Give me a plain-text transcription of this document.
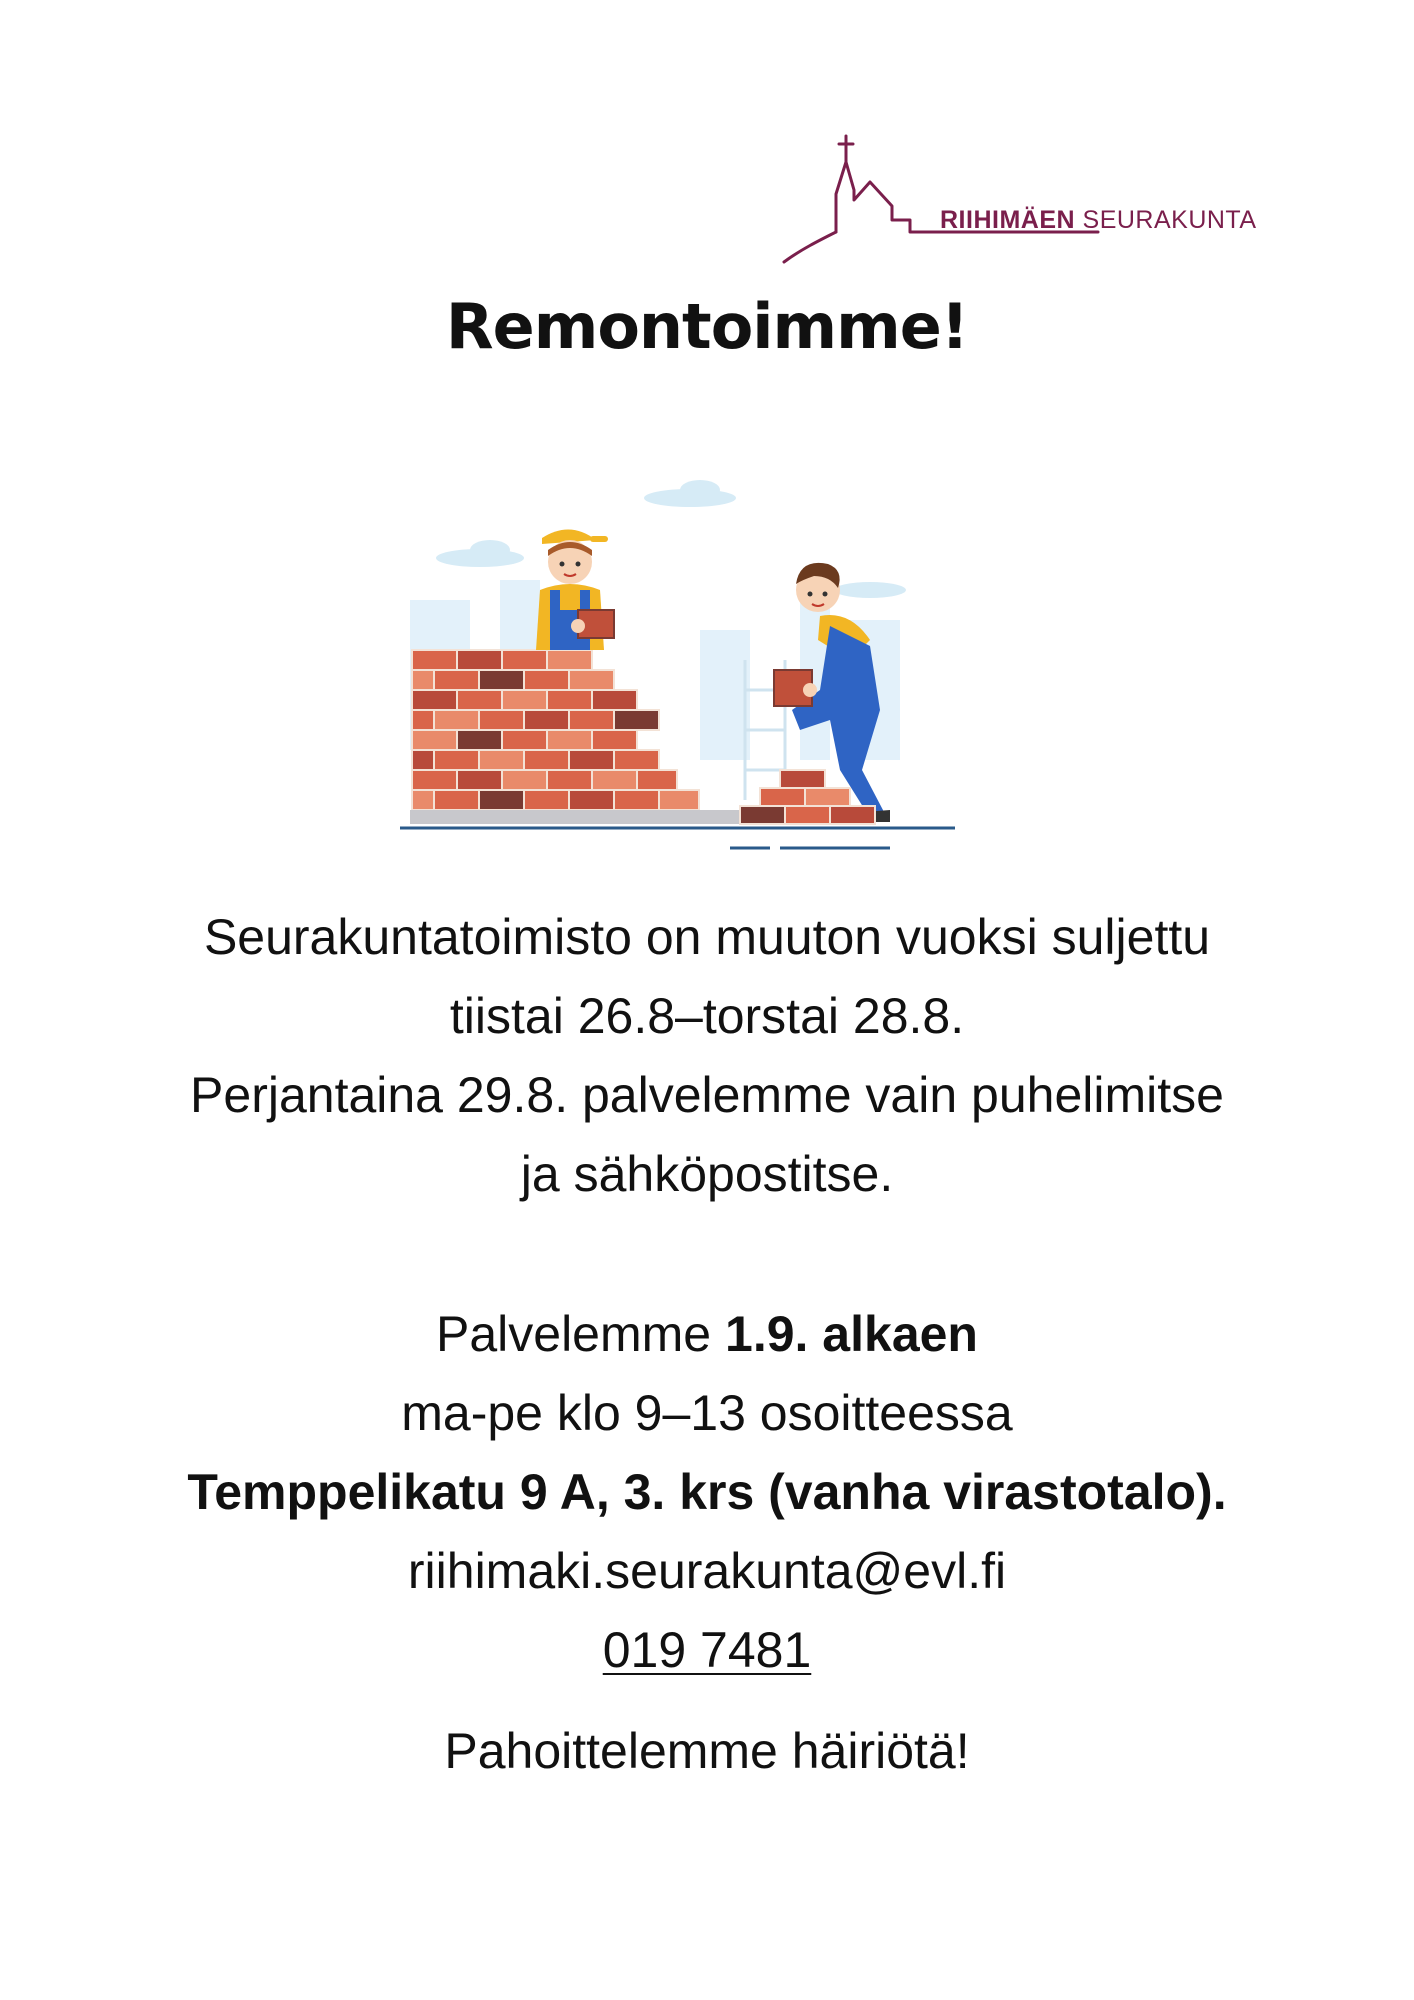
RIIHIMÄEN SEURAKUNTA
Remontoimme!

Seurakuntatoimisto on muuton vuoksi suljettu

tiistai 26.8–torstai 28.8.

Perjantaina 29.8. palvelemme vain puhelimitse

ja sähköpostitse.

Palvelemme 1.9. alkaen

ma-pe klo 9–13 osoitteessa

Temppelikatu 9 A, 3. krs (vanha virastotalo).

riihimaki.seurakunta@evl.fi

019 7481

Pahoittelemme häiriötä!
